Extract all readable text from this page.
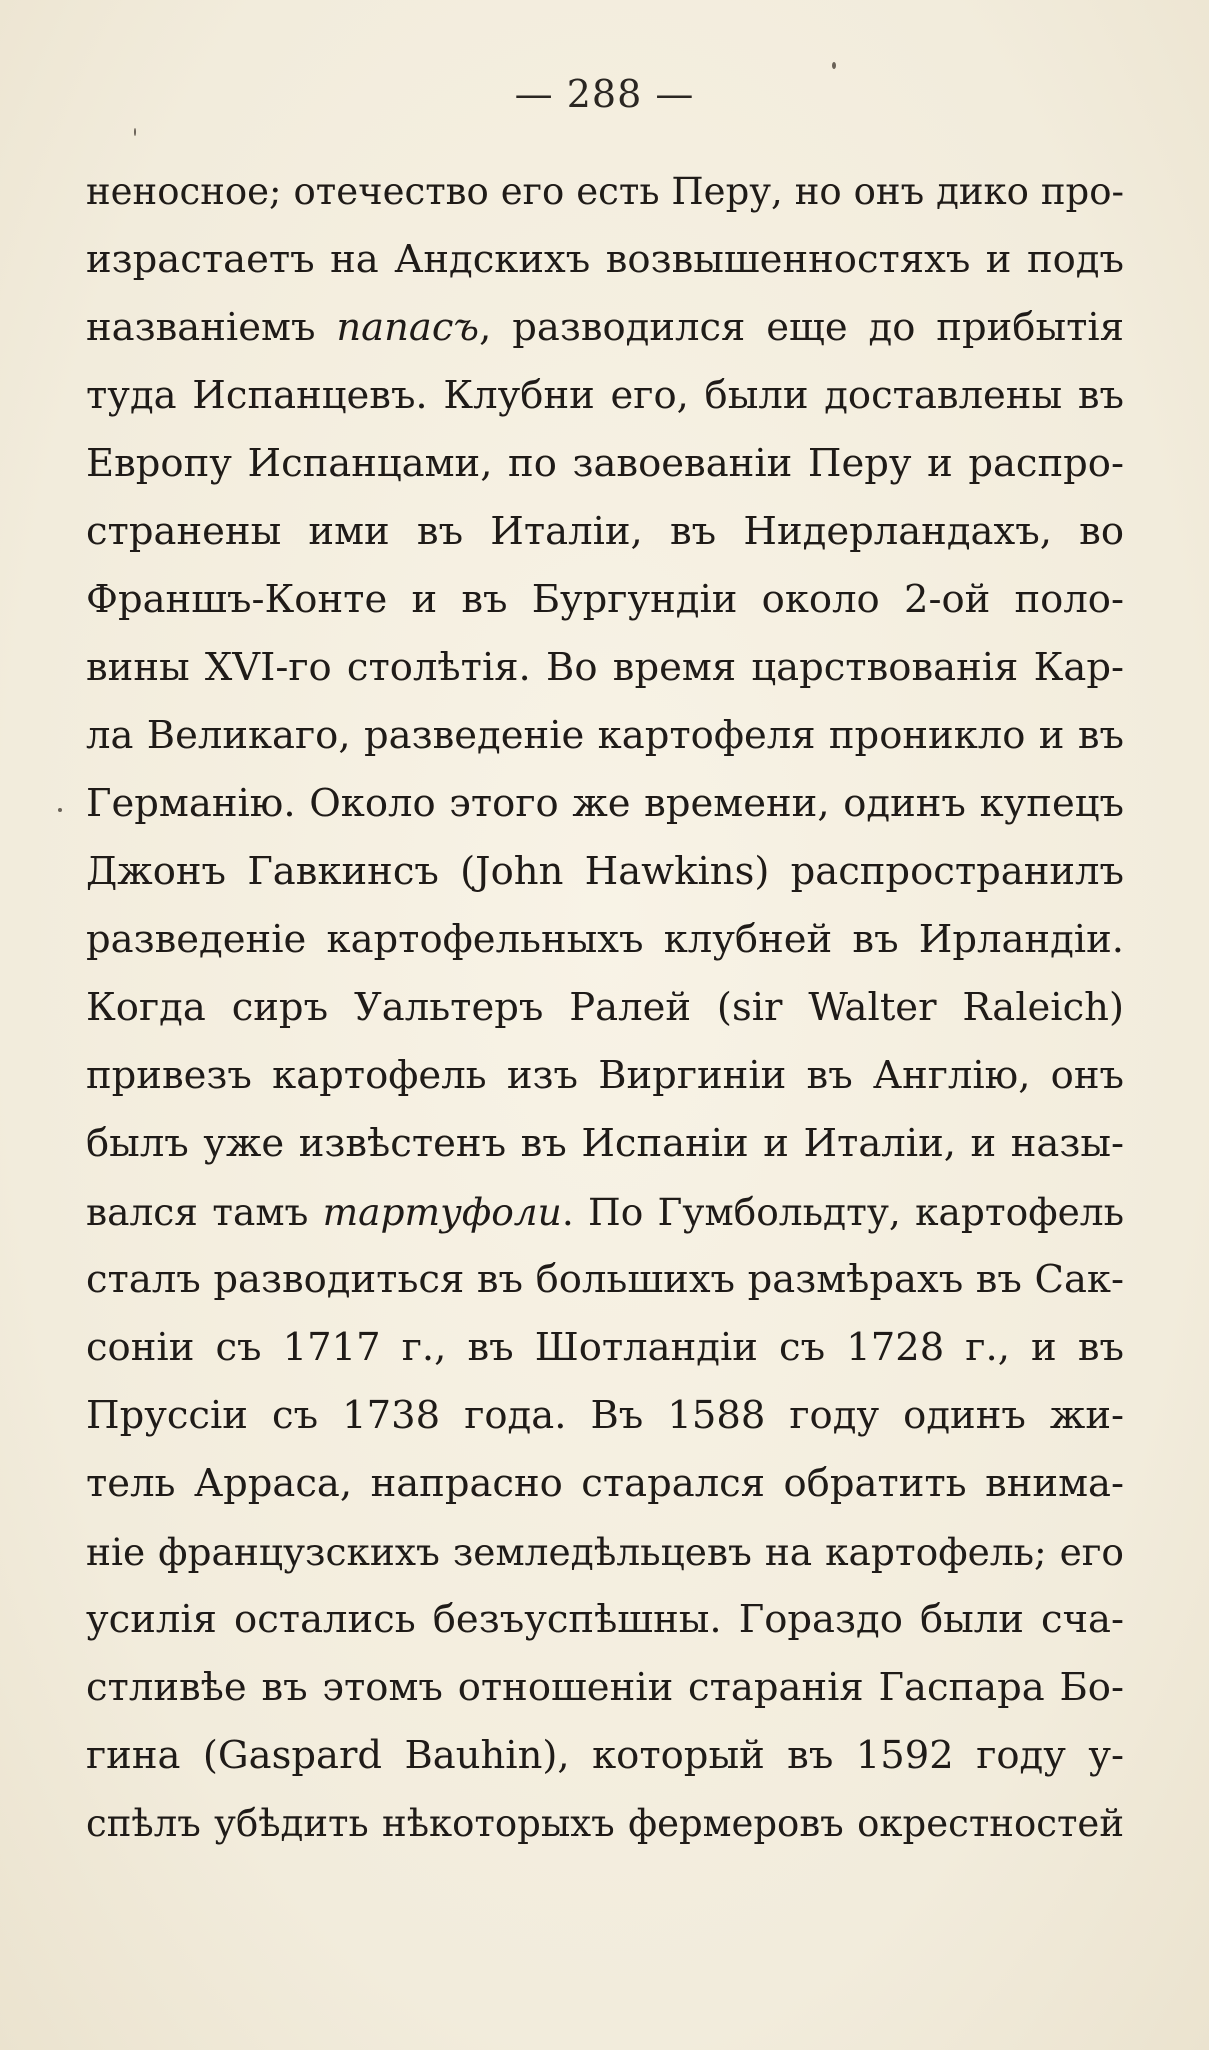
— 288 —
неносное; отечество его есть Перу, но онъ дико про-
израстаетъ на Андскихъ возвышенностяхъ и подъ
названіемъ папасъ, разводился еще до прибытія
туда Испанцевъ. Клубни его, были доставлены въ
Европу Испанцами, по завоеваніи Перу и распро-
странены ими въ Италіи, въ Нидерландахъ, во
Франшъ-Конте и въ Бургундіи около 2-ой поло-
вины XVI-го столѣтія. Во время царствованія Кар-
ла Великаго, разведеніе картофеля проникло и въ
Германію. Около этого же времени, одинъ купецъ
Джонъ Гавкинсъ (John Hawkins) распространилъ
разведеніе картофельныхъ клубней въ Ирландіи.
Когда сиръ Уальтеръ Ралей (sir Walter Raleich)
привезъ картофель изъ Виргиніи въ Англію, онъ
былъ уже извѣстенъ въ Испаніи и Италіи, и назы-
вался тамъ тартуфоли. По Гумбольдту, картофель
сталъ разводиться въ большихъ размѣрахъ въ Сак-
соніи съ 1717 г., въ Шотландіи съ 1728 г., и въ
Пруссіи съ 1738 года. Въ 1588 году одинъ жи-
тель Арраса, напрасно старался обратить внима-
ніе французскихъ земледѣльцевъ на картофель; его
усилія остались безъуспѣшны. Гораздо были сча-
стливѣе въ этомъ отношеніи старанія Гаспара Бо-
гина (Gaspard Bauhin), который въ 1592 году у-
спѣлъ убѣдить нѣкоторыхъ фермеровъ окрестностей
